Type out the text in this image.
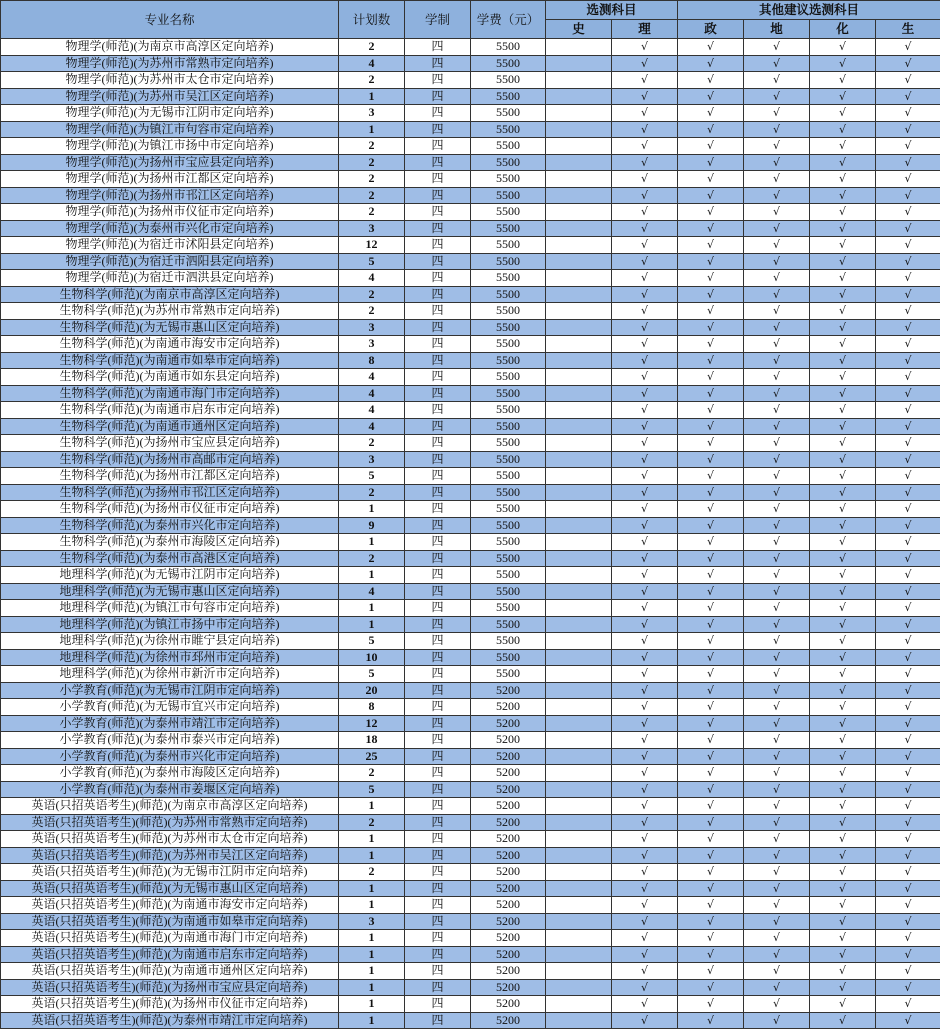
专业名称	计划数	学制	学费（元）	选测科目		其他建议选测科目			
				史	理	政	地	化	生
物理学(师范)(为南京市高淳区定向培养)	2	四	5500		√	√	√	√	√
物理学(师范)(为苏州市常熟市定向培养)	4	四	5500		√	√	√	√	√
物理学(师范)(为苏州市太仓市定向培养)	2	四	5500		√	√	√	√	√
物理学(师范)(为苏州市吴江区定向培养)	1	四	5500		√	√	√	√	√
物理学(师范)(为无锡市江阴市定向培养)	3	四	5500		√	√	√	√	√
物理学(师范)(为镇江市句容市定向培养)	1	四	5500		√	√	√	√	√
物理学(师范)(为镇江市扬中市定向培养)	2	四	5500		√	√	√	√	√
物理学(师范)(为扬州市宝应县定向培养)	2	四	5500		√	√	√	√	√
物理学(师范)(为扬州市江都区定向培养)	2	四	5500		√	√	√	√	√
物理学(师范)(为扬州市邗江区定向培养)	2	四	5500		√	√	√	√	√
物理学(师范)(为扬州市仪征市定向培养)	2	四	5500		√	√	√	√	√
物理学(师范)(为泰州市兴化市定向培养)	3	四	5500		√	√	√	√	√
物理学(师范)(为宿迁市沭阳县定向培养)	12	四	5500		√	√	√	√	√
物理学(师范)(为宿迁市泗阳县定向培养)	5	四	5500		√	√	√	√	√
物理学(师范)(为宿迁市泗洪县定向培养)	4	四	5500		√	√	√	√	√
生物科学(师范)(为南京市高淳区定向培养)	2	四	5500		√	√	√	√	√
生物科学(师范)(为苏州市常熟市定向培养)	2	四	5500		√	√	√	√	√
生物科学(师范)(为无锡市惠山区定向培养)	3	四	5500		√	√	√	√	√
生物科学(师范)(为南通市海安市定向培养)	3	四	5500		√	√	√	√	√
生物科学(师范)(为南通市如皋市定向培养)	8	四	5500		√	√	√	√	√
生物科学(师范)(为南通市如东县定向培养)	4	四	5500		√	√	√	√	√
生物科学(师范)(为南通市海门市定向培养)	4	四	5500		√	√	√	√	√
生物科学(师范)(为南通市启东市定向培养)	4	四	5500		√	√	√	√	√
生物科学(师范)(为南通市通州区定向培养)	4	四	5500		√	√	√	√	√
生物科学(师范)(为扬州市宝应县定向培养)	2	四	5500		√	√	√	√	√
生物科学(师范)(为扬州市高邮市定向培养)	3	四	5500		√	√	√	√	√
生物科学(师范)(为扬州市江都区定向培养)	5	四	5500		√	√	√	√	√
生物科学(师范)(为扬州市邗江区定向培养)	2	四	5500		√	√	√	√	√
生物科学(师范)(为扬州市仪征市定向培养)	1	四	5500		√	√	√	√	√
生物科学(师范)(为泰州市兴化市定向培养)	9	四	5500		√	√	√	√	√
生物科学(师范)(为泰州市海陵区定向培养)	1	四	5500		√	√	√	√	√
生物科学(师范)(为泰州市高港区定向培养)	2	四	5500		√	√	√	√	√
地理科学(师范)(为无锡市江阴市定向培养)	1	四	5500		√	√	√	√	√
地理科学(师范)(为无锡市惠山区定向培养)	4	四	5500		√	√	√	√	√
地理科学(师范)(为镇江市句容市定向培养)	1	四	5500		√	√	√	√	√
地理科学(师范)(为镇江市扬中市定向培养)	1	四	5500		√	√	√	√	√
地理科学(师范)(为徐州市睢宁县定向培养)	5	四	5500		√	√	√	√	√
地理科学(师范)(为徐州市邳州市定向培养)	10	四	5500		√	√	√	√	√
地理科学(师范)(为徐州市新沂市定向培养)	5	四	5500		√	√	√	√	√
小学教育(师范)(为无锡市江阴市定向培养)	20	四	5200		√	√	√	√	√
小学教育(师范)(为无锡市宜兴市定向培养)	8	四	5200		√	√	√	√	√
小学教育(师范)(为泰州市靖江市定向培养)	12	四	5200		√	√	√	√	√
小学教育(师范)(为泰州市泰兴市定向培养)	18	四	5200		√	√	√	√	√
小学教育(师范)(为泰州市兴化市定向培养)	25	四	5200		√	√	√	√	√
小学教育(师范)(为泰州市海陵区定向培养)	2	四	5200		√	√	√	√	√
小学教育(师范)(为泰州市姜堰区定向培养)	5	四	5200		√	√	√	√	√
英语(只招英语考生)(师范)(为南京市高淳区定向培养)	1	四	5200		√	√	√	√	√
英语(只招英语考生)(师范)(为苏州市常熟市定向培养)	2	四	5200		√	√	√	√	√
英语(只招英语考生)(师范)(为苏州市太仓市定向培养)	1	四	5200		√	√	√	√	√
英语(只招英语考生)(师范)(为苏州市吴江区定向培养)	1	四	5200		√	√	√	√	√
英语(只招英语考生)(师范)(为无锡市江阴市定向培养)	2	四	5200		√	√	√	√	√
英语(只招英语考生)(师范)(为无锡市惠山区定向培养)	1	四	5200		√	√	√	√	√
英语(只招英语考生)(师范)(为南通市海安市定向培养)	1	四	5200		√	√	√	√	√
英语(只招英语考生)(师范)(为南通市如皋市定向培养)	3	四	5200		√	√	√	√	√
英语(只招英语考生)(师范)(为南通市海门市定向培养)	1	四	5200		√	√	√	√	√
英语(只招英语考生)(师范)(为南通市启东市定向培养)	1	四	5200		√	√	√	√	√
英语(只招英语考生)(师范)(为南通市通州区定向培养)	1	四	5200		√	√	√	√	√
英语(只招英语考生)(师范)(为扬州市宝应县定向培养)	1	四	5200		√	√	√	√	√
英语(只招英语考生)(师范)(为扬州市仪征市定向培养)	1	四	5200		√	√	√	√	√
英语(只招英语考生)(师范)(为泰州市靖江市定向培养)	1	四	5200		√	√	√	√	√
